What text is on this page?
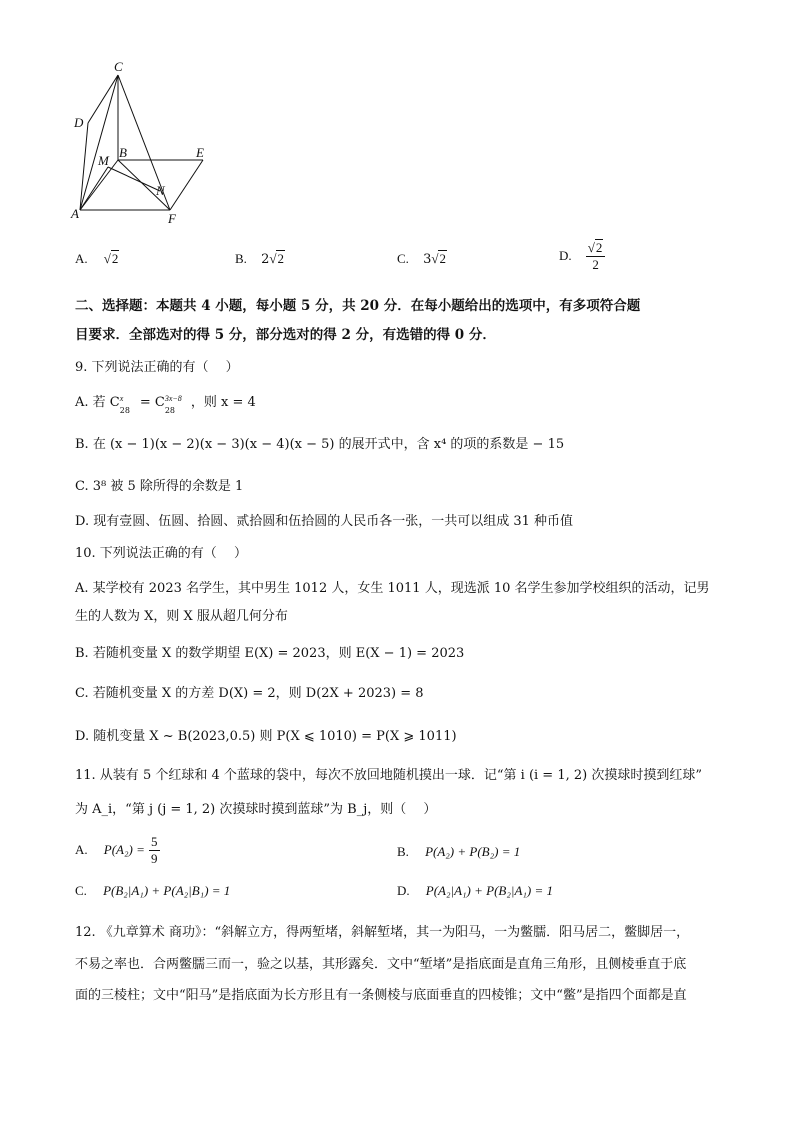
C
D
M
B	E
N
A	F
A. √2	B. 2√2	C. 3√2	D. $\frac{√2}{2}$
二、选择题：本题共 4 小题，每小题 5 分，共 20 分．在每小题给出的选项中，有多项符合题
目要求．全部选对的得 5 分，部分选对的得 2 分，有选错的得 0 分．
9. 下列说法正确的有（　 ）
A. 若 C x
28
= C 3x−8
28
，则 x = 4
B. 在 (x − 1)(x − 2)(x − 3)(x − 4)(x − 5) 的展开式中，含 x⁴ 的项的系数是 − 15
C. 3⁸ 被 5 除所得的余数是 1
D. 现有壹圆、伍圆、拾圆、贰拾圆和伍拾圆的人民币各一张，一共可以组成 31 种币值
10. 下列说法正确的有（　 ）
A. 某学校有 2023 名学生，其中男生 1012 人，女生 1011 人，现选派 10 名学生参加学校组织的活动，记男
生的人数为 X，则 X 服从超几何分布
B. 若随机变量 X 的数学期望 E(X) = 2023，则 E(X − 1) = 2023
C. 若随机变量 X 的方差 D(X) = 2，则 D(2X + 2023) = 8
D. 随机变量 X ~ B(2023,0.5) 则 P(X ⩽ 1010) = P(X ⩾ 1011)
11. 从装有 5 个红球和 4 个蓝球的袋中，每次不放回地随机摸出一球．记“第 i (i = 1, 2) 次摸球时摸到红球”
为 A_i，“第 j (j = 1, 2) 次摸球时摸到蓝球”为 B_j，则（　 ）
A. $P(A_2) = \frac{5}{9}$	B. P(A₂) + P(B₂) = 1
C. P(B₂|A₁) + P(A₂|B₁) = 1	D. P(A₂|A₁) + P(B₂|A₁) = 1
12. 《九章算术 商功》：“斜解立方，得两堑堵，斜解堑堵，其一为阳马，一为鳖臑．阳马居二，鳖脚居一，
不易之率也．合两鳖臑三而一，验之以基，其形露矣．文中“堑堵”是指底面是直角三角形，且侧棱垂直于底
面的三棱柱；文中“阳马”是指底面为长方形且有一条侧棱与底面垂直的四棱锥；文中“鳖”是指四个面都是直
